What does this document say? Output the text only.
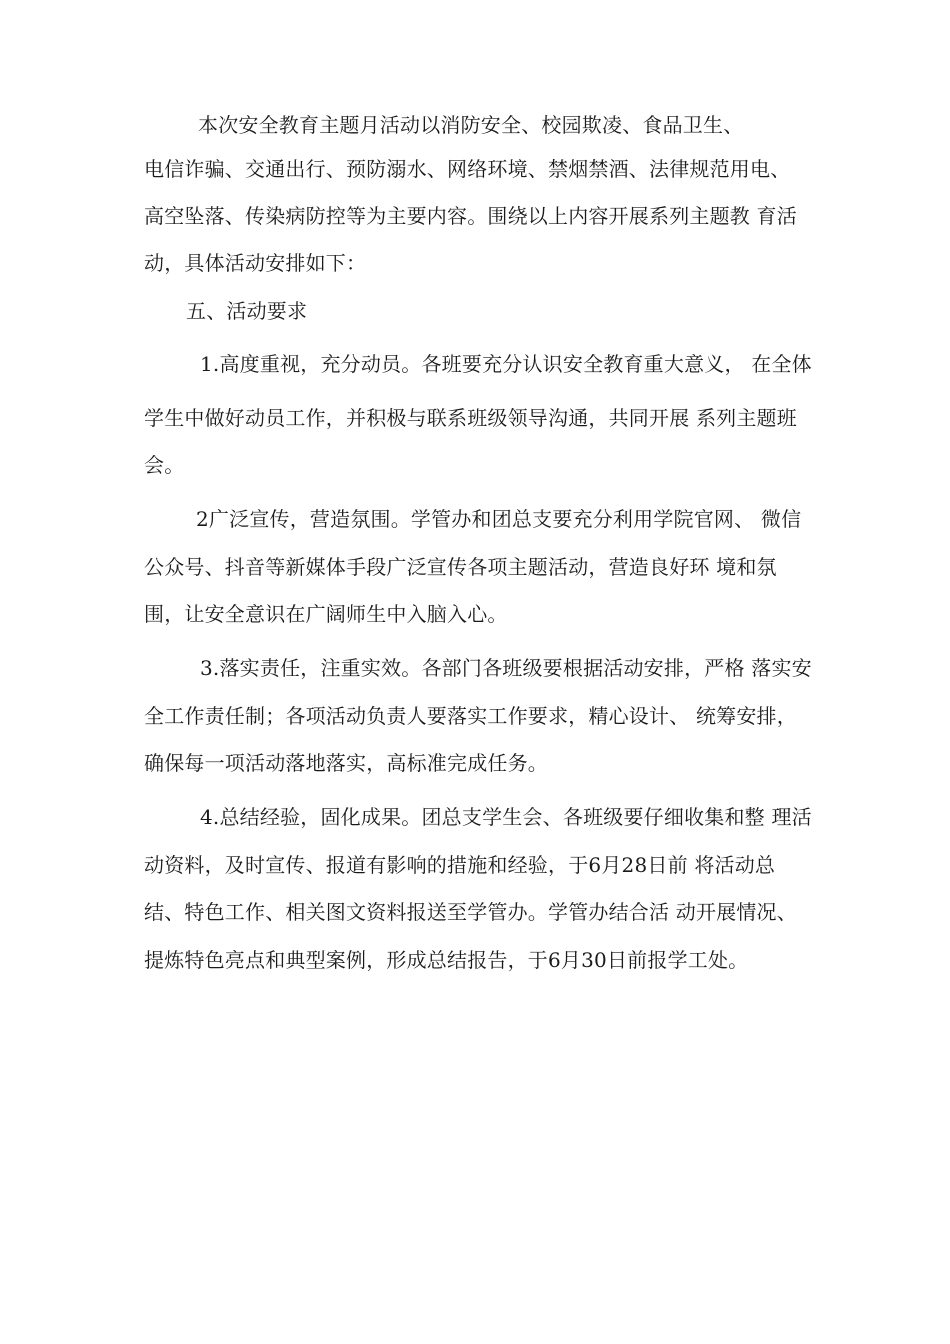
本次安全教育主题月活动以消防安全、校园欺凌、食品卫生、
电信诈骗、交通出行、预防溺水、网络环境、禁烟禁酒、法律规范用电、
高空坠落、传染病防控等为主要内容。围绕以上内容开展系列主题教 育活
动，具体活动安排如下：
五、活动要求
1.高度重视，充分动员。各班要充分认识安全教育重大意义， 在全体
学生中做好动员工作，并积极与联系班级领导沟通，共同开展 系列主题班
会。
2广泛宣传，营造氛围。学管办和团总支要充分利用学院官网、 微信
公众号、抖音等新媒体手段广泛宣传各项主题活动，营造良好环 境和氛
围，让安全意识在广阔师生中入脑入心。
3.落实责任，注重实效。各部门各班级要根据活动安排，严格 落实安
全工作责任制；各项活动负责人要落实工作要求，精心设计、 统筹安排，
确保每一项活动落地落实，高标准完成任务。
4.总结经验，固化成果。团总支学生会、各班级要仔细收集和整 理活
动资料，及时宣传、报道有影响的措施和经验，于6月28日前 将活动总
结、特色工作、相关图文资料报送至学管办。学管办结合活 动开展情况、
提炼特色亮点和典型案例，形成总结报告，于6月30日前报学工处。
